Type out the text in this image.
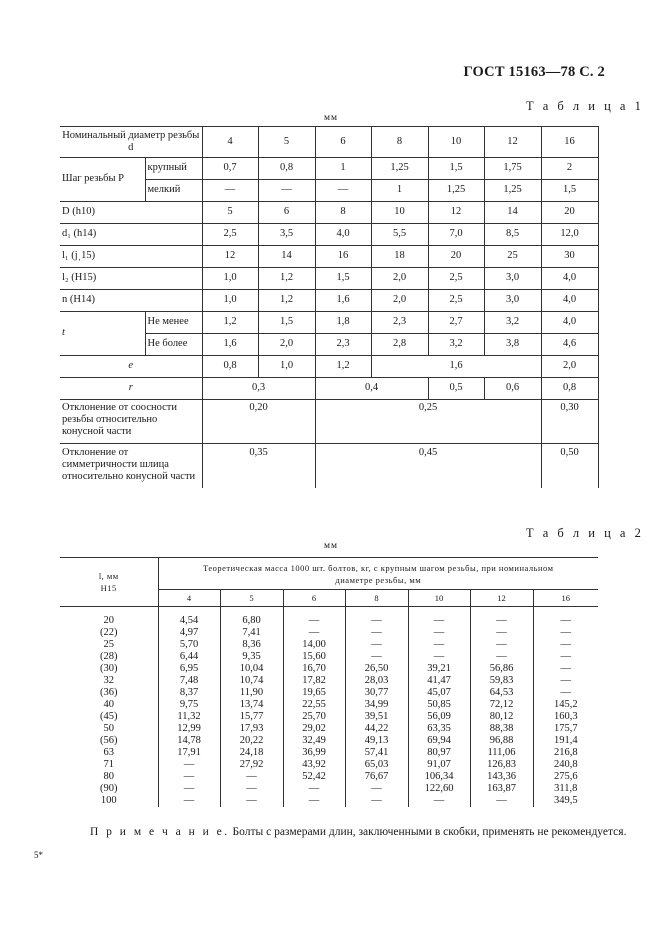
ГОСТ 15163—78 С. 2
Т а б л и ц а 1
мм
Номинальный диаметр резьбы d		4	5	6	8	10	12	16
Шаг резьбы P	крупный	0,7	0,8	1	1,25	1,5	1,75	2
	мелкий	—	—	—	1	1,25	1,25	1,5
D (h10)		5	6	8	10	12	14	20
d₁ (h14)		2,5	3,5	4,0	5,5	7,0	8,5	12,0
l₁ (j͵15)		12	14	16	18	20	25	30
l₂ (H15)		1,0	1,2	1,5	2,0	2,5	3,0	4,0
n (H14)		1,0	1,2	1,6	2,0	2,5	3,0	4,0
t	Не менее	1,2	1,5	1,8	2,3	2,7	3,2	4,0
	Не более	1,6	2,0	2,3	2,8	3,2	3,8	4,6
e		0,8	1,0	1,2	1,6			2,0
r		0,3		0,4		0,5	0,6	0,8
Отклонение от соосности резьбы относительно конусной части		0,20		0,25				0,30
Отклонение от симметричности шлица относительно конусной части		0,35		0,45				0,50
Т а б л и ц а 2
мм
l, мм
H15	Теоретическая масса 1000 шт. болтов, кг, с крупным шагом резьбы, при номинальном диаметре резьбы, мм						
	4	5	6	8	10	12	16

20	4,54	6,80	—	—	—	—	—
(22)	4,97	7,41	—	—	—	—	—
25	5,70	8,36	14,00	—	—	—	—
(28)	6,44	9,35	15,60	—	—	—	—
(30)	6,95	10,04	16,70	26,50	39,21	56,86	—
32	7,48	10,74	17,82	28,03	41,47	59,83	—
(36)	8,37	11,90	19,65	30,77	45,07	64,53	—
40	9,75	13,74	22,55	34,99	50,85	72,12	145,2
(45)	11,32	15,77	25,70	39,51	56,09	80,12	160,3
50	12,99	17,93	29,02	44,22	63,35	88,38	175,7
(56)	14,78	20,22	32,49	49,13	69,94	96,88	191,4
63	17,91	24,18	36,99	57,41	80,97	111,06	216,8
71	—	27,92	43,92	65,03	91,07	126,83	240,8
80	—	—	52,42	76,67	106,34	143,36	275,6
(90)	—	—	—	—	122,60	163,87	311,8
100	—	—	—	—	—	—	349,5
П р и м е ч а н и е. Болты с размерами длин, заключенными в скобки, применять не рекомендуется.
5*
